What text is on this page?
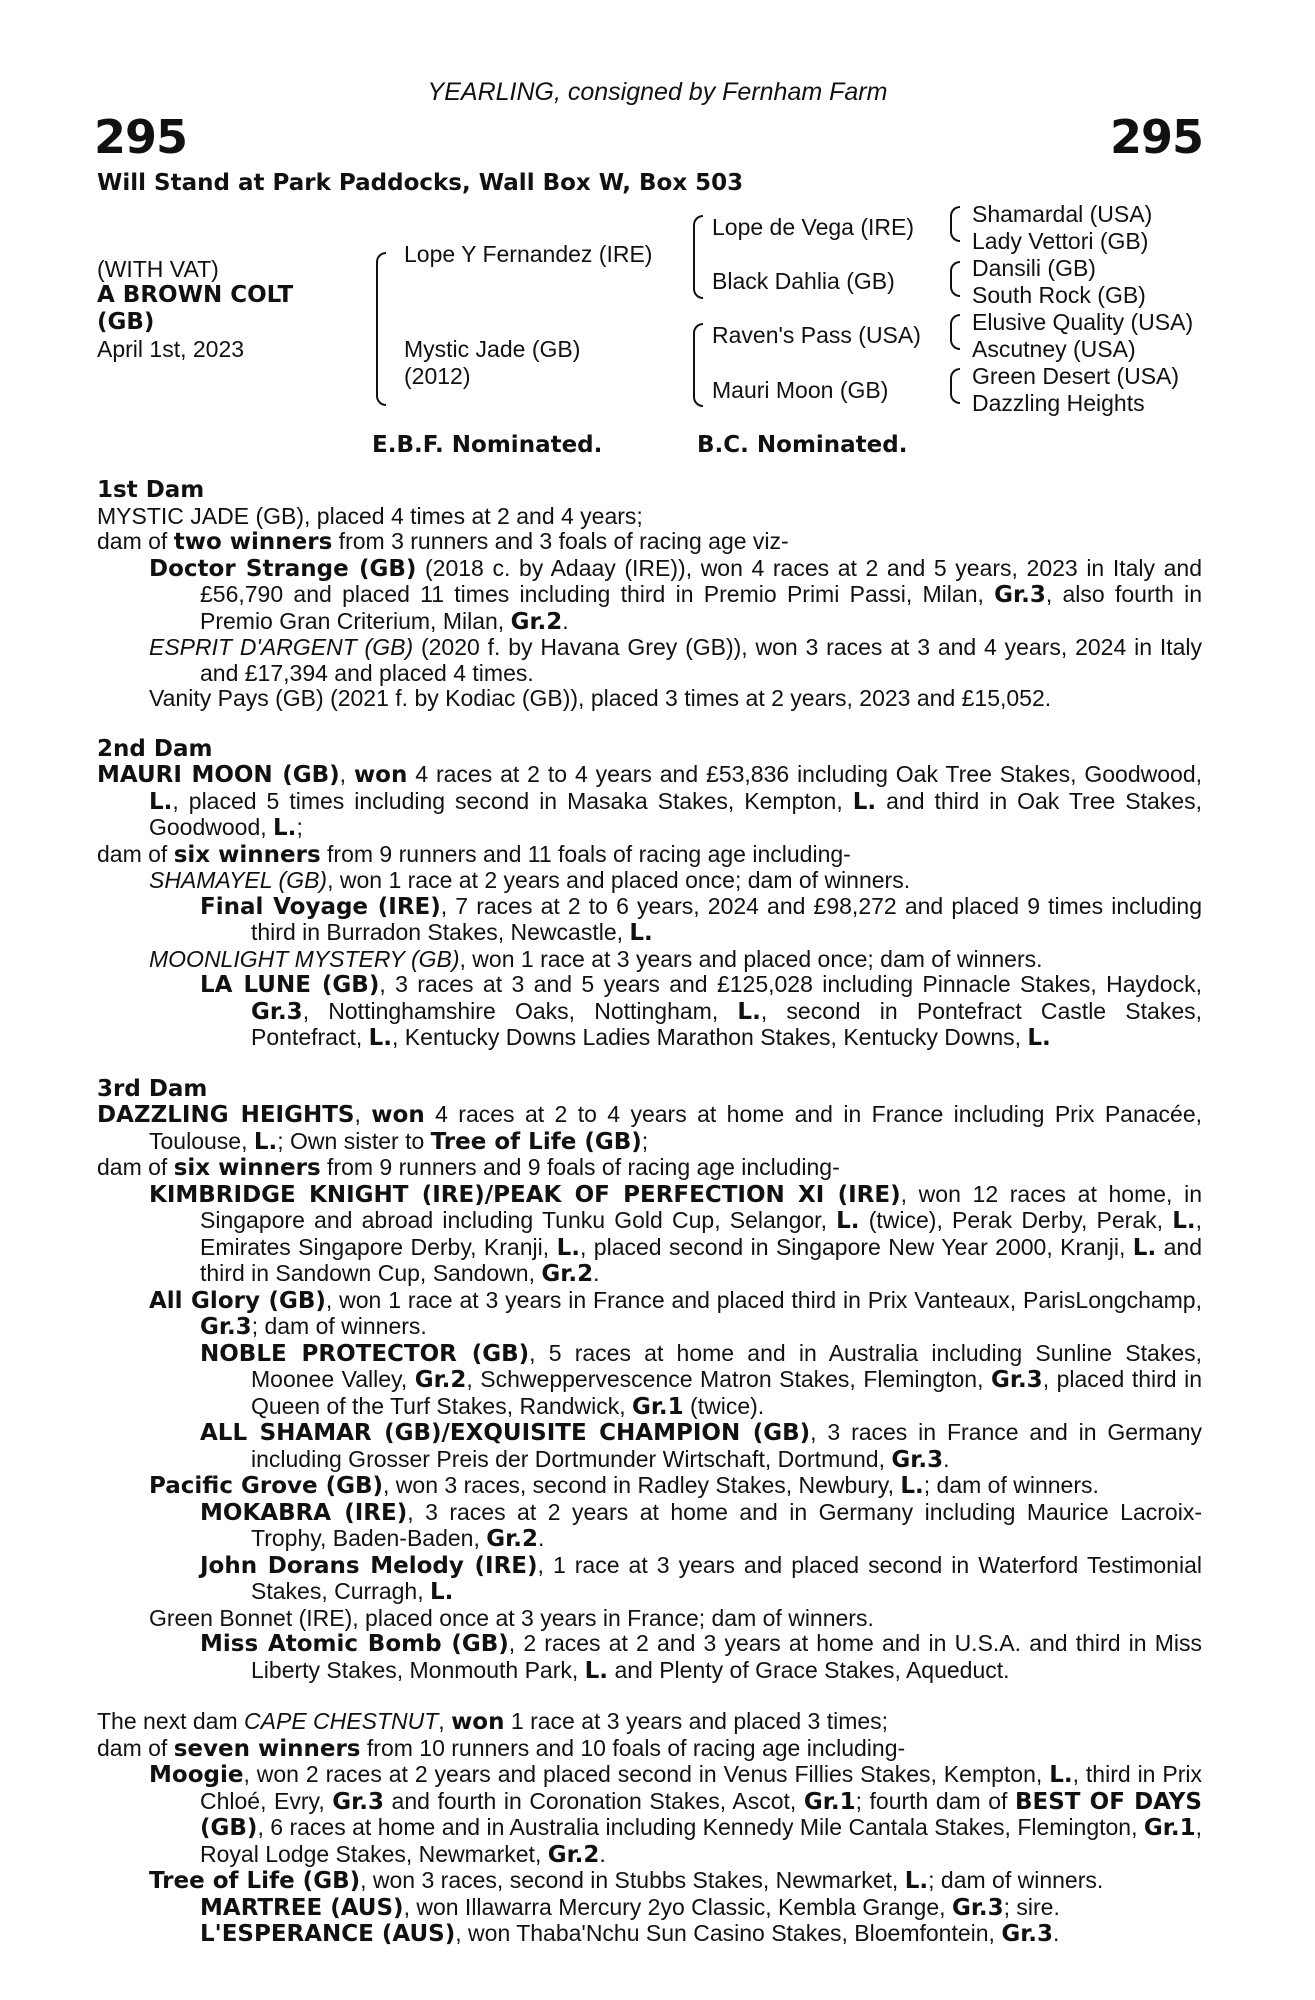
YEARLING, consigned by Fernham Farm
295	295
Will Stand at Park Paddocks, Wall Box W, Box 503
(WITH VAT)
A BROWN COLT
(GB)
April 1st, 2023
Lope Y Fernandez (IRE)
Mystic Jade (GB)
(2012)
Lope de Vega (IRE)
Black Dahlia (GB)
Raven's Pass (USA)
Mauri Moon (GB)
Shamardal (USA)
Lady Vettori (GB)
Dansili (GB)
South Rock (GB)
Elusive Quality (USA)
Ascutney (USA)
Green Desert (USA)
Dazzling Heights
E.B.F. Nominated.	B.C. Nominated.
1st Dam

MYSTIC JADE (GB), placed 4 times at 2 and 4 years;

dam of two winners from 3 runners and 3 foals of racing age viz-

Doctor Strange (GB) (2018 c. by Adaay (IRE)), won 4 races at 2 and 5 years, 2023 in Italy and £56,790 and placed 11 times including third in Premio Primi Passi, Milan, Gr.3, also fourth in Premio Gran Criterium, Milan, Gr.2.

ESPRIT D'ARGENT (GB) (2020 f. by Havana Grey (GB)), won 3 races at 3 and 4 years, 2024 in Italy and £17,394 and placed 4 times.

Vanity Pays (GB) (2021 f. by Kodiac (GB)), placed 3 times at 2 years, 2023 and £15,052.

2nd Dam

MAURI MOON (GB), won 4 races at 2 to 4 years and £53,836 including Oak Tree Stakes, Goodwood, L., placed 5 times including second in Masaka Stakes, Kempton, L. and third in Oak Tree Stakes, Goodwood, L.;

dam of six winners from 9 runners and 11 foals of racing age including-

SHAMAYEL (GB), won 1 race at 2 years and placed once; dam of winners.

Final Voyage (IRE), 7 races at 2 to 6 years, 2024 and £98,272 and placed 9 times including third in Burradon Stakes, Newcastle, L.

MOONLIGHT MYSTERY (GB), won 1 race at 3 years and placed once; dam of winners.

LA LUNE (GB), 3 races at 3 and 5 years and £125,028 including Pinnacle Stakes, Haydock, Gr.3, Nottinghamshire Oaks, Nottingham, L., second in Pontefract Castle Stakes, Pontefract, L., Kentucky Downs Ladies Marathon Stakes, Kentucky Downs, L.

3rd Dam

DAZZLING HEIGHTS, won 4 races at 2 to 4 years at home and in France including Prix Panacée, Toulouse, L.; Own sister to Tree of Life (GB);

dam of six winners from 9 runners and 9 foals of racing age including-

KIMBRIDGE KNIGHT (IRE)/PEAK OF PERFECTION XI (IRE), won 12 races at home, in Singapore and abroad including Tunku Gold Cup, Selangor, L. (twice), Perak Derby, Perak, L., Emirates Singapore Derby, Kranji, L., placed second in Singapore New Year 2000, Kranji, L. and third in Sandown Cup, Sandown, Gr.2.

All Glory (GB), won 1 race at 3 years in France and placed third in Prix Vanteaux, ParisLongchamp, Gr.3; dam of winners.

NOBLE PROTECTOR (GB), 5 races at home and in Australia including Sunline Stakes, Moonee Valley, Gr.2, Schweppervescence Matron Stakes, Flemington, Gr.3, placed third in Queen of the Turf Stakes, Randwick, Gr.1 (twice).

ALL SHAMAR (GB)/EXQUISITE CHAMPION (GB), 3 races in France and in Germany including Grosser Preis der Dortmunder Wirtschaft, Dortmund, Gr.3.

Pacific Grove (GB), won 3 races, second in Radley Stakes, Newbury, L.; dam of winners.

MOKABRA (IRE), 3 races at 2 years at home and in Germany including Maurice Lacroix-Trophy, Baden-Baden, Gr.2.

John Dorans Melody (IRE), 1 race at 3 years and placed second in Waterford Testimonial Stakes, Curragh, L.

Green Bonnet (IRE), placed once at 3 years in France; dam of winners.

Miss Atomic Bomb (GB), 2 races at 2 and 3 years at home and in U.S.A. and third in Miss Liberty Stakes, Monmouth Park, L. and Plenty of Grace Stakes, Aqueduct.

The next dam CAPE CHESTNUT, won 1 race at 3 years and placed 3 times;

dam of seven winners from 10 runners and 10 foals of racing age including-

Moogie, won 2 races at 2 years and placed second in Venus Fillies Stakes, Kempton, L., third in Prix Chloé, Evry, Gr.3 and fourth in Coronation Stakes, Ascot, Gr.1; fourth dam of BEST OF DAYS (GB), 6 races at home and in Australia including Kennedy Mile Cantala Stakes, Flemington, Gr.1, Royal Lodge Stakes, Newmarket, Gr.2.

Tree of Life (GB), won 3 races, second in Stubbs Stakes, Newmarket, L.; dam of winners.

MARTREE (AUS), won Illawarra Mercury 2yo Classic, Kembla Grange, Gr.3; sire.

L'ESPERANCE (AUS), won Thaba'Nchu Sun Casino Stakes, Bloemfontein, Gr.3.
